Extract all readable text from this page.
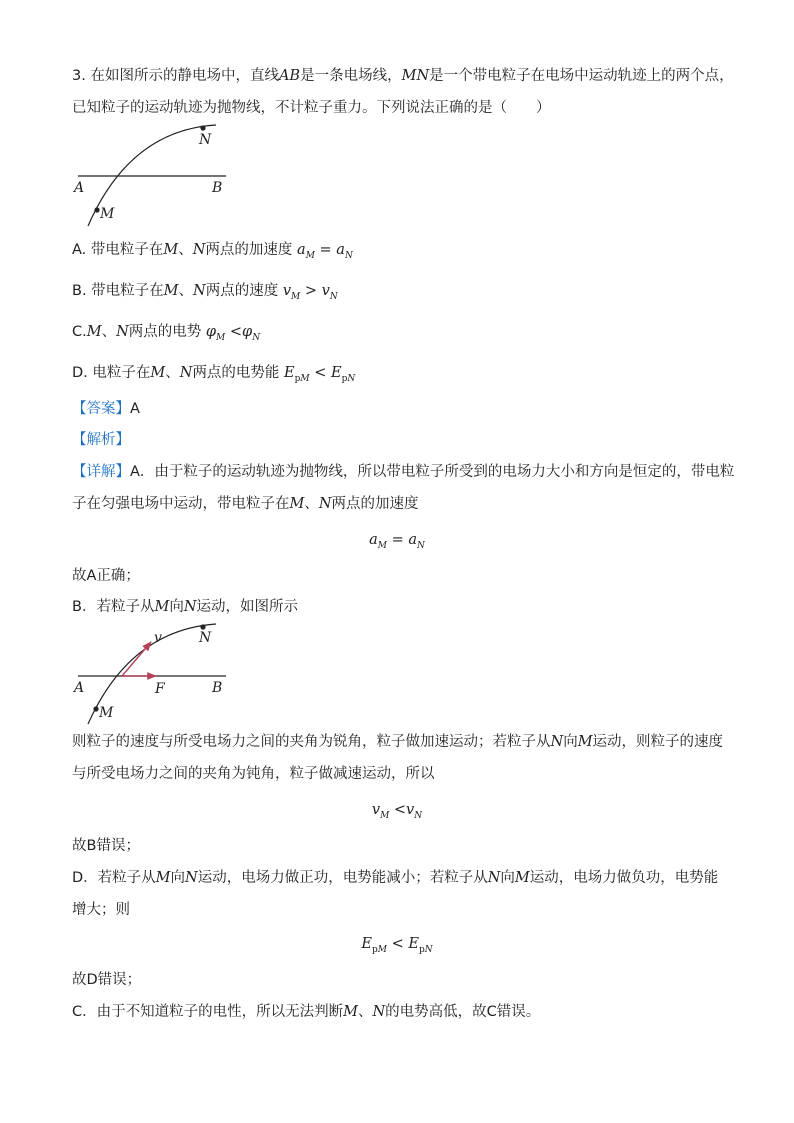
3. 在如图所示的静电场中，直线AB是一条电场线，MN是一个带电粒子在电场中运动轨迹上的两个点，
已知粒子的运动轨迹为抛物线，不计粒子重力。下列说法正确的是（　　）
A	B
M
N
A. 带电粒子在M、N两点的加速度 $a_M = a_N$
B. 带电粒子在M、N两点的速度 $v_M > v_N$
C.M、N两点的电势 $\varphi_M <\varphi_N$
D. 电粒子在M、N两点的电势能 $E_{pM} < E_{pN}$
【答案】A
【解析】
【详解】A．由于粒子的运动轨迹为抛物线，所以带电粒子所受到的电场力大小和方向是恒定的，带电粒
子在匀强电场中运动，带电粒子在M、N两点的加速度
$a_M = a_N$
故A正确；
B．若粒子从M向N运动，如图所示
v
F
A	B
M
N
则粒子的速度与所受电场力之间的夹角为锐角，粒子做加速运动；若粒子从N向M运动，则粒子的速度
与所受电场力之间的夹角为钝角，粒子做减速运动，所以
$v_M <v_N$
故B错误；
D．若粒子从M向N运动，电场力做正功，电势能减小；若粒子从N向M运动，电场力做负功，电势能
增大；则
$E_{pM} < E_{pN}$
故D错误；
C．由于不知道粒子的电性，所以无法判断M、N的电势高低，故C错误。
